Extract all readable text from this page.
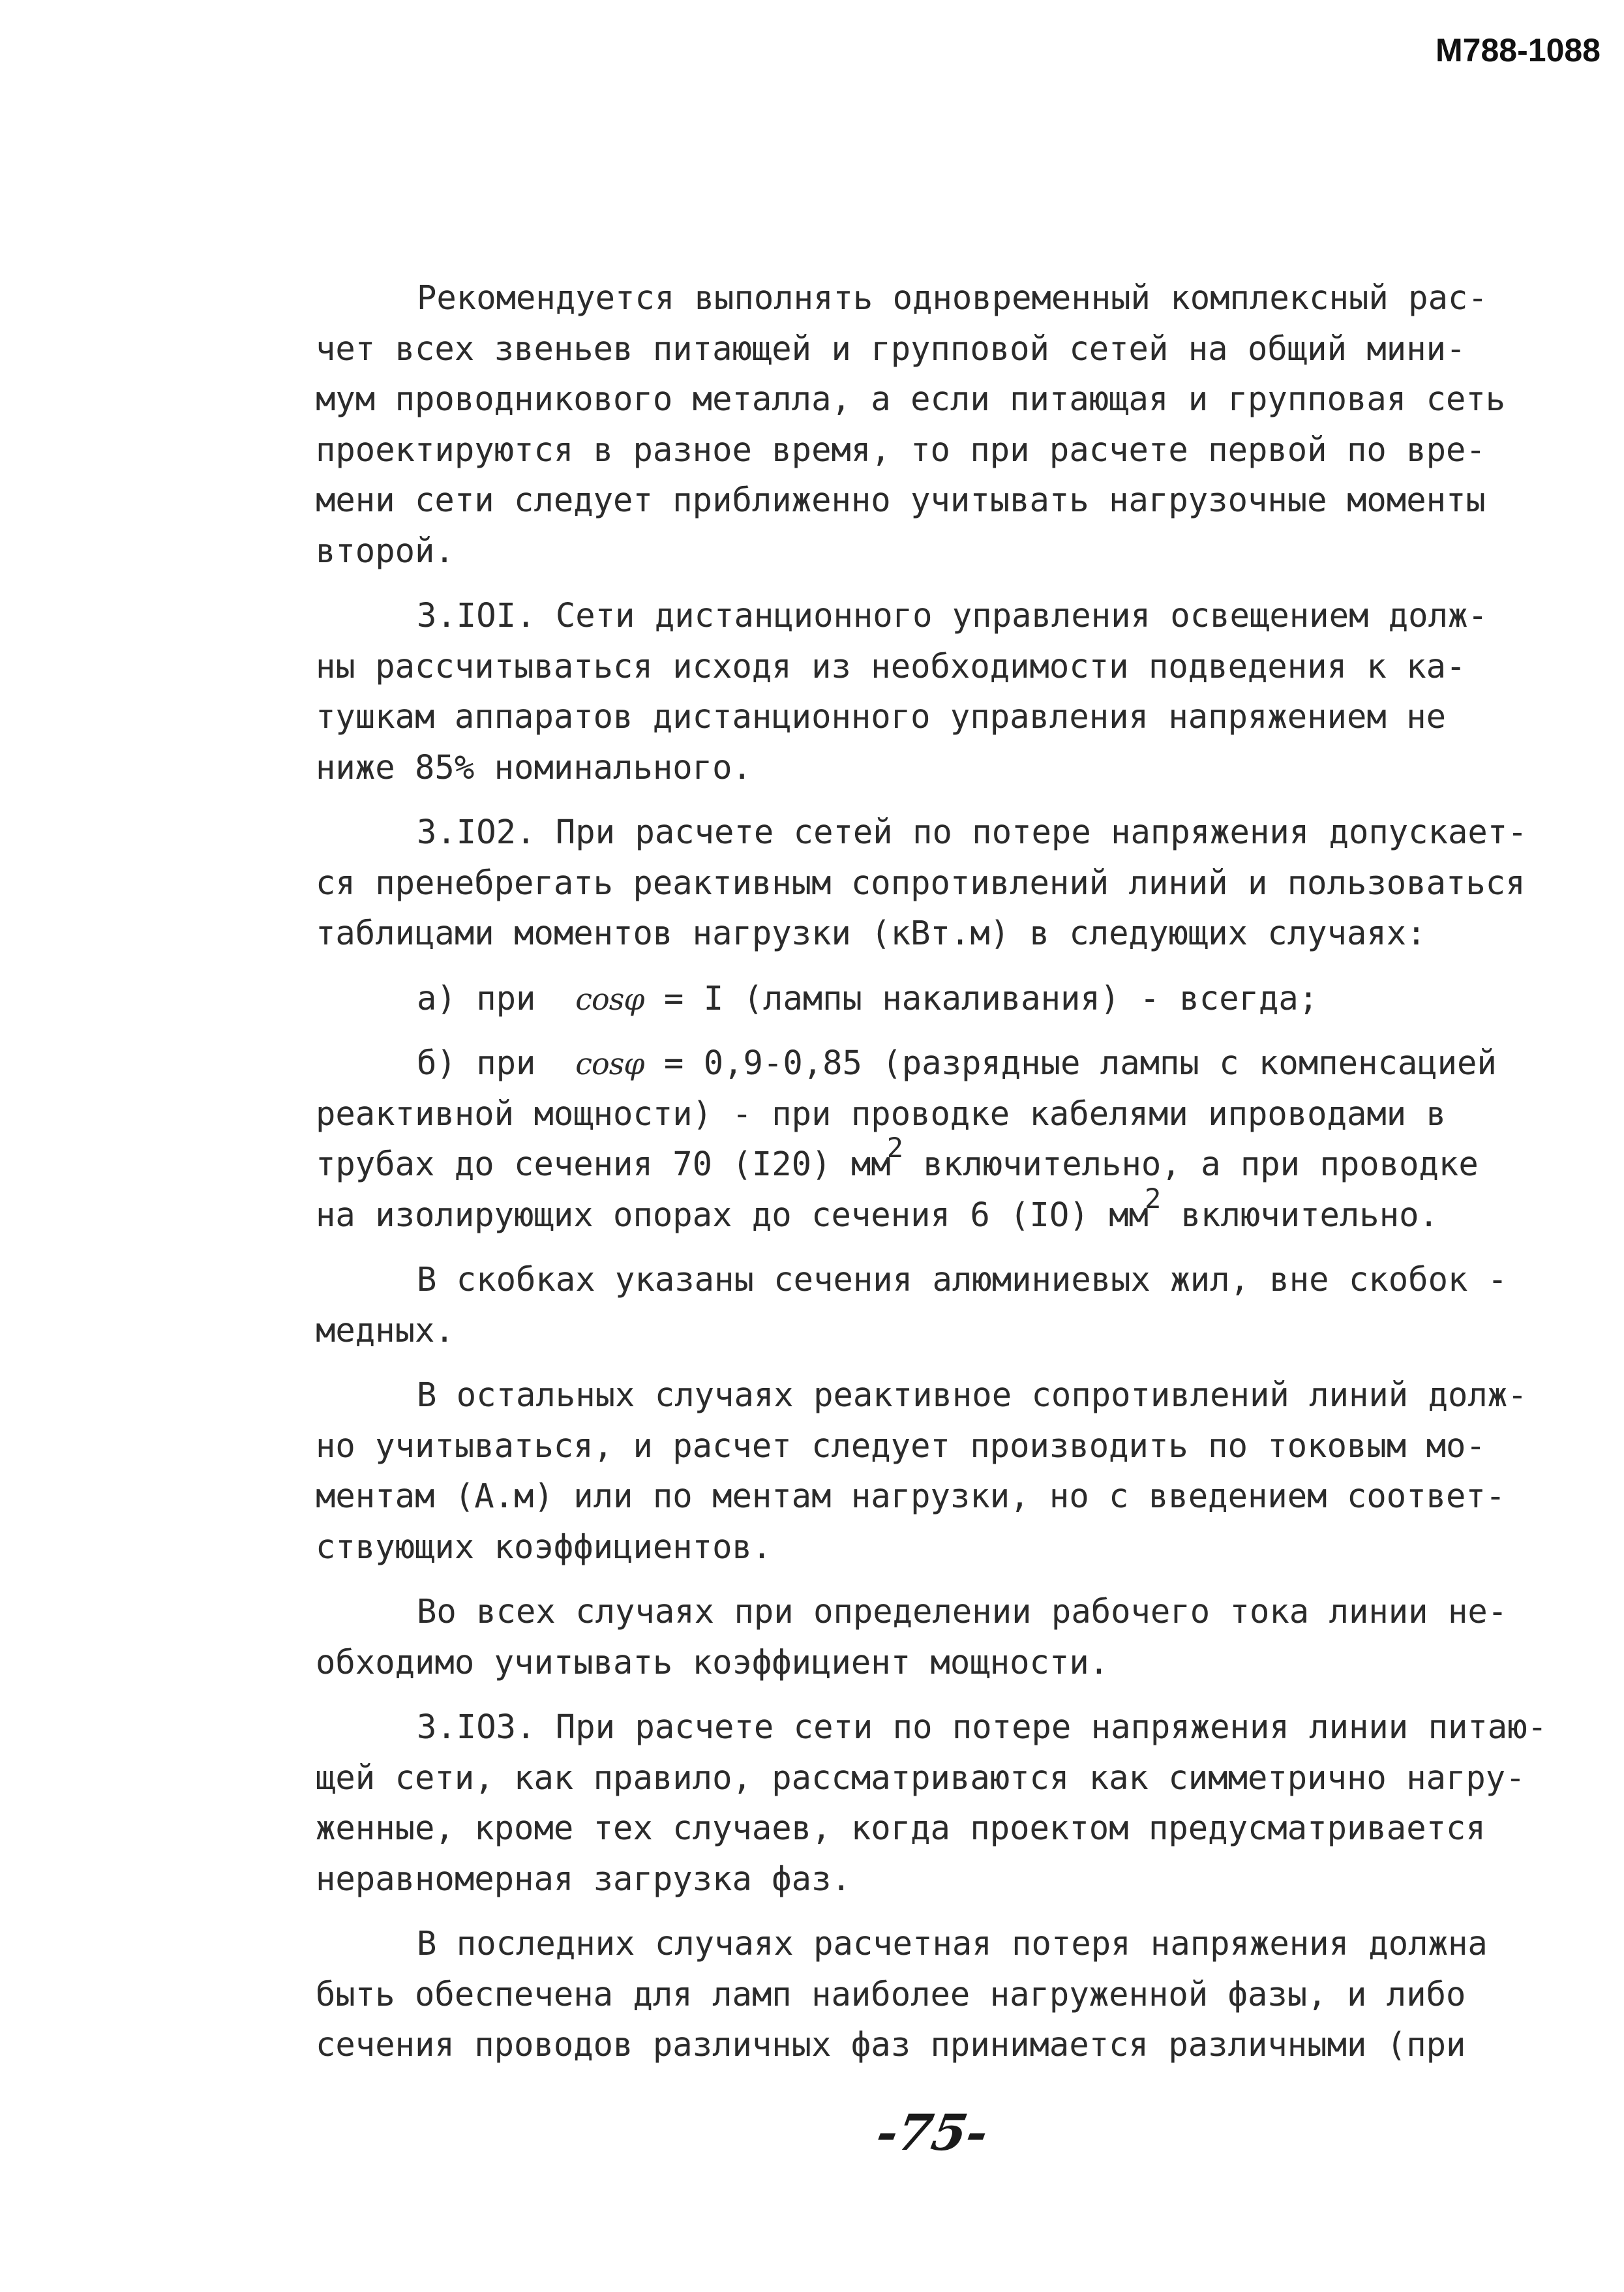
M788-1088
Рекомендуется выполнять одновременный комплексный рас-
чет всех звеньев питающей и групповой сетей на общий мини-
мум проводникового металла, а если питающая и групповая сеть
проектируются в разное время, то при расчете первой по вре-
мени сети следует приближенно учитывать нагрузочные моменты
второй.
3.IOI. Сети дистанционного управления освещением долж-
ны рассчитываться исходя из необходимости подведения к ка-
тушкам аппаратов дистанционного управления напряжением не
ниже 85% номинального.
3.IO2. При расчете сетей по потере напряжения допускает-
ся пренебрегать реактивным сопротивлений линий и пользоваться
таблицами моментов нагрузки (кВт.м) в следующих случаях:
а) при  cosφ = I (лампы накаливания) - всегда;
б) при  cosφ = 0,9-0,85 (разрядные лампы с компенсацией
реактивной мощности) - при проводке кабелями ипроводами в
трубах до сечения 70 (I20) $мм^2$ включительно, а при проводке
на изолирующих опорах до сечения 6 (IO) $мм^2$ включительно.
В скобках указаны сечения алюминиевых жил, вне скобок -
медных.
В остальных случаях реактивное сопротивлений линий долж-
но учитываться, и расчет следует производить по токовым мо-
ментам (А.м) или по ментам нагрузки, но с введением соответ-
ствующих коэффициентов.
Во всех случаях при определении рабочего тока линии не-
обходимо учитывать коэффициент мощности.
3.IO3. При расчете сети по потере напряжения линии питаю-
щей сети, как правило, рассматриваются как симметрично нагру-
женные, кроме тех случаев, когда проектом предусматривается
неравномерная загрузка фаз.
В последних случаях расчетная потеря напряжения должна
быть обеспечена для ламп наиболее нагруженной фазы, и либо
сечения проводов различных фаз принимается различными (при
-75-
